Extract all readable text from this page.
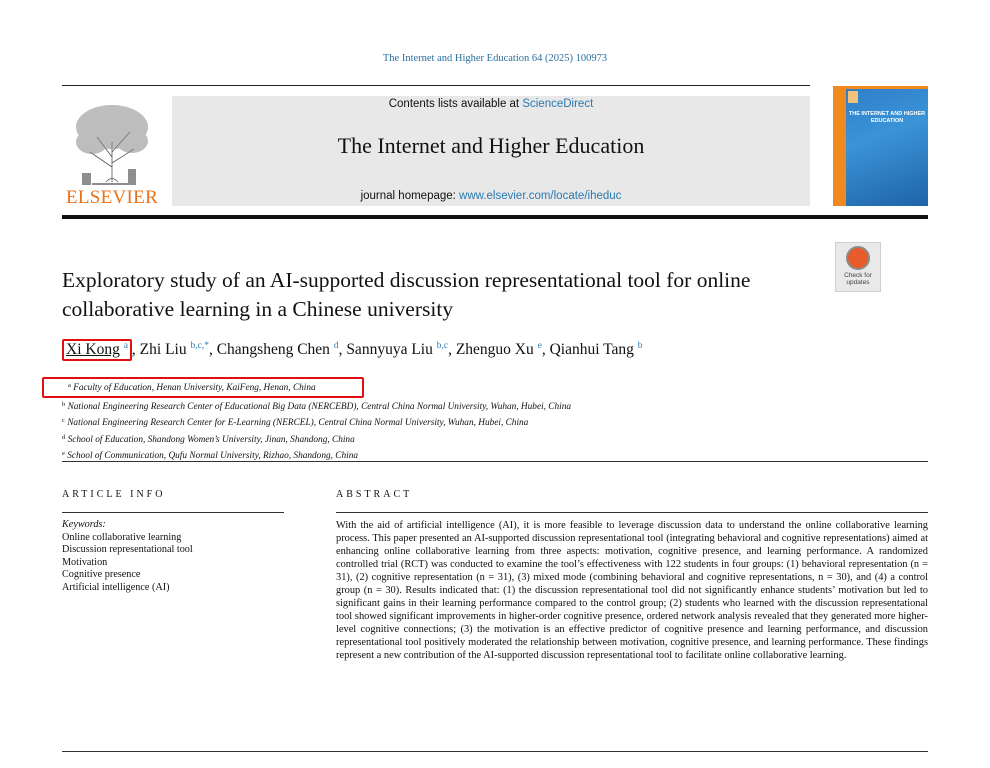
The Internet and Higher Education 64 (2025) 100973
ELSEVIER
Contents lists available at ScienceDirect
The Internet and Higher Education
journal homepage: www.elsevier.com/locate/iheduc
THE INTERNET AND HIGHER EDUCATION
Check for updates
Exploratory study of an AI-supported discussion representational tool for online collaborative learning in a Chinese university
Xi Kong $^a$ , Zhi Liu $^{b,c,*}$, Changsheng Chen $^d$, Sannyuya Liu $^{b,c}$, Zhenguo Xu $^e$, Qianhui Tang $^b$
$^a$ Faculty of Education, Henan University, KaiFeng, Henan, China
$^b$ National Engineering Research Center of Educational Big Data (NERCEBD), Central China Normal University, Wuhan, Hubei, China
$^c$ National Engineering Research Center for E-Learning (NERCEL), Central China Normal University, Wuhan, Hubei, China
$^d$ School of Education, Shandong Women’s University, Jinan, Shandong, China
$^e$ School of Communication, Qufu Normal University, Rizhao, Shandong, China
ARTICLE INFO
Keywords:
Online collaborative learning
Discussion representational tool
Motivation
Cognitive presence
Artificial intelligence (AI)
ABSTRACT
With the aid of artificial intelligence (AI), it is more feasible to leverage discussion data to understand the online collaborative learning process. This paper presented an AI-supported discussion representational tool (integrating behavioral and cognitive representations) aimed at enhancing online collaborative learning from three aspects: motivation, cognitive presence, and learning performance. A randomized controlled trial (RCT) was conducted to examine the tool’s effectiveness with 122 students in four groups: (1) behavioral representation (n = 31), (2) cognitive representation (n = 31), (3) mixed mode (combining behavioral and cognitive representations, n = 30), and (4) a control group (n = 30). Results indicated that: (1) the discussion representational tool did not significantly enhance students’ motivation but led to significant gains in their learning performance compared to the control group; (2) students who learned with the discussion representational tool showed significant improvements in higher-order cognitive presence, ordered network analysis revealed that they generated more higher-level cognitive connections; (3) the motivation is an effective predictor of cognitive presence and learning performance, and discussion representational tool positively moderated the relationship between motivation, cognitive presence, and learning performance. These findings represent a new contribution of the AI-supported discussion representational tool to facilitate online collaborative learning.
